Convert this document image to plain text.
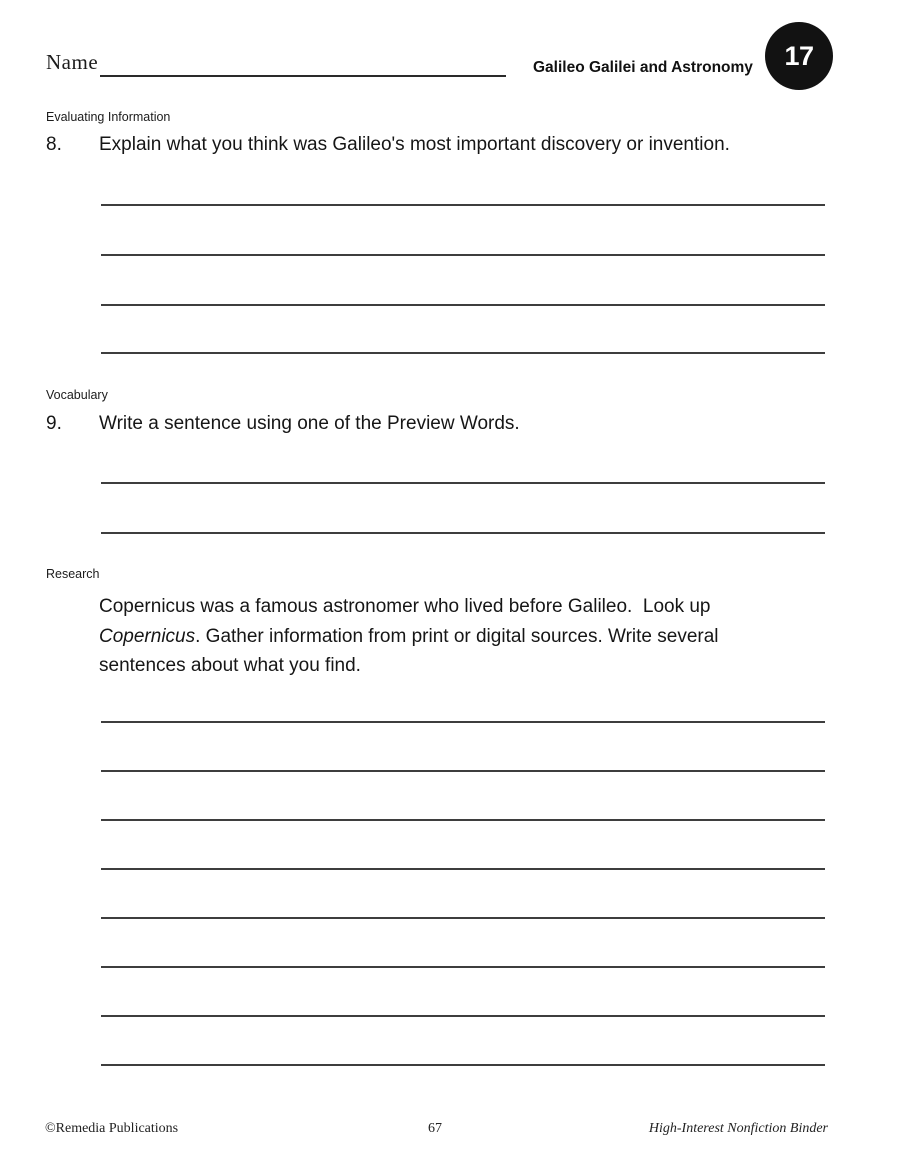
Name	Galileo Galilei and Astronomy 17
Evaluating Information
8. Explain what you think was Galileo's most important discovery or invention.
Vocabulary
9. Write a sentence using one of the Preview Words.
Research
Copernicus was a famous astronomer who lived before Galileo.  Look up
Copernicus. Gather information from print or digital sources. Write several
sentences about what you find.
©Remedia Publications	67	High-Interest Nonfiction Binder
